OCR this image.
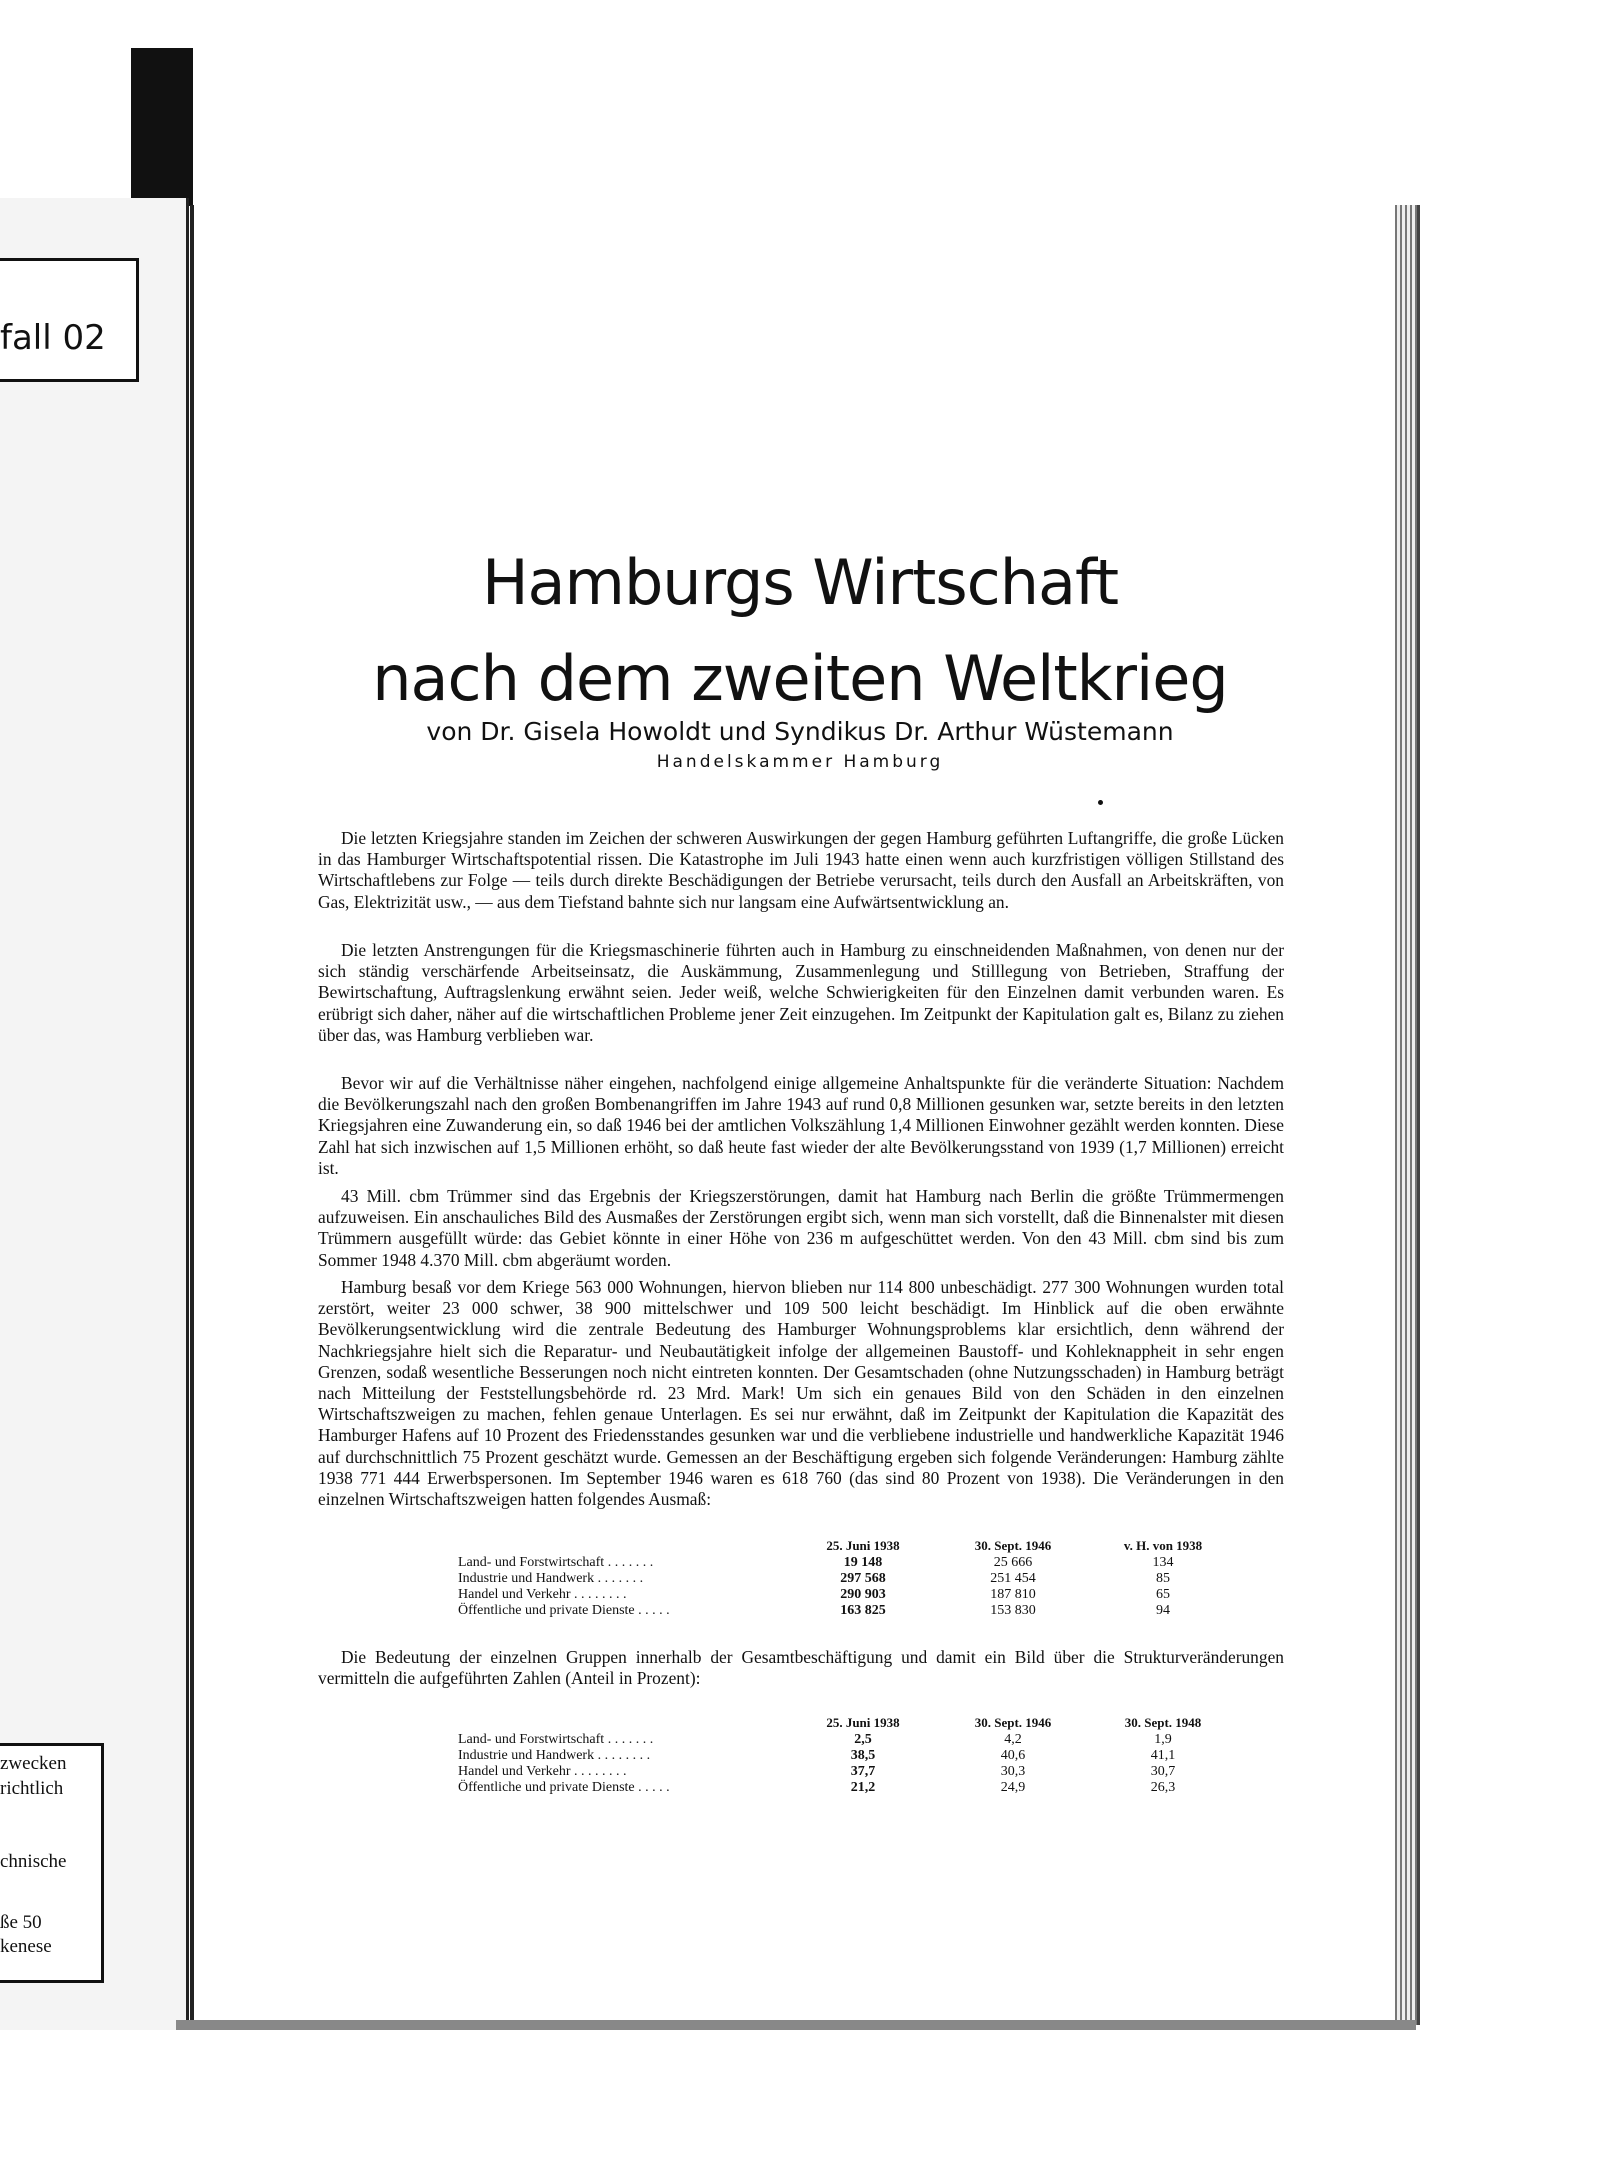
fall 02
zwecken
richtlich
chnische
ße 50
kenese
Hamburgs Wirtschaft
nach dem zweiten Weltkrieg
von Dr. Gisela Howoldt und Syndikus Dr. Arthur Wüstemann
Handelskammer Hamburg
Die letzten Kriegsjahre standen im Zeichen der schweren Auswirkungen der gegen Hamburg geführten Luftangriffe, die große Lücken in das Hamburger Wirtschaftspotential rissen. Die Katastrophe im Juli 1943 hatte einen wenn auch kurzfristigen völligen Stillstand des Wirtschaftlebens zur Folge — teils durch direkte Beschädigungen der Betriebe verursacht, teils durch den Ausfall an Arbeitskräften, von Gas, Elektrizität usw., — aus dem Tiefstand bahnte sich nur langsam eine Aufwärtsentwicklung an.
Die letzten Anstrengungen für die Kriegsmaschinerie führten auch in Hamburg zu einschneidenden Maßnahmen, von denen nur der sich ständig verschärfende Arbeitseinsatz, die Auskämmung, Zusammenlegung und Stilllegung von Betrieben, Straffung der Bewirtschaftung, Auftragslenkung erwähnt seien. Jeder weiß, welche Schwierigkeiten für den Einzelnen damit verbunden waren. Es erübrigt sich daher, näher auf die wirtschaftlichen Probleme jener Zeit einzugehen. Im Zeitpunkt der Kapitulation galt es, Bilanz zu ziehen über das, was Hamburg verblieben war.
Bevor wir auf die Verhältnisse näher eingehen, nachfolgend einige allgemeine Anhaltspunkte für die veränderte Situation: Nachdem die Bevölkerungszahl nach den großen Bombenangriffen im Jahre 1943 auf rund 0,8 Millionen gesunken war, setzte bereits in den letzten Kriegsjahren eine Zuwanderung ein, so daß 1946 bei der amtlichen Volkszählung 1,4 Millionen Einwohner gezählt werden konnten. Diese Zahl hat sich inzwischen auf 1,5 Millionen erhöht, so daß heute fast wieder der alte Bevölkerungsstand von 1939 (1,7 Millionen) erreicht ist.
43 Mill. cbm Trümmer sind das Ergebnis der Kriegszerstörungen, damit hat Hamburg nach Berlin die größte Trümmermengen aufzuweisen. Ein anschauliches Bild des Ausmaßes der Zerstörungen ergibt sich, wenn man sich vorstellt, daß die Binnenalster mit diesen Trümmern ausgefüllt würde: das Gebiet könnte in einer Höhe von 236 m aufgeschüttet werden. Von den 43 Mill. cbm sind bis zum Sommer 1948 4.370 Mill. cbm abgeräumt worden.
Hamburg besaß vor dem Kriege 563 000 Wohnungen, hiervon blieben nur 114 800 unbeschädigt. 277 300 Wohnungen wurden total zerstört, weiter 23 000 schwer, 38 900 mittelschwer und 109 500 leicht beschädigt. Im Hinblick auf die oben erwähnte Bevölkerungsentwicklung wird die zentrale Bedeutung des Hamburger Wohnungsproblems klar ersichtlich, denn während der Nachkriegsjahre hielt sich die Reparatur- und Neubautätigkeit infolge der allgemeinen Baustoff- und Kohleknappheit in sehr engen Grenzen, sodaß wesentliche Besserungen noch nicht eintreten konnten. Der Gesamtschaden (ohne Nutzungsschaden) in Hamburg beträgt nach Mitteilung der Feststellungsbehörde rd. 23 Mrd. Mark! Um sich ein genaues Bild von den Schäden in den einzelnen Wirtschaftszweigen zu machen, fehlen genaue Unterlagen. Es sei nur erwähnt, daß im Zeitpunkt der Kapitulation die Kapazität des Hamburger Hafens auf 10 Prozent des Friedensstandes gesunken war und die verbliebene industrielle und handwerkliche Kapazität 1946 auf durchschnittlich 75 Prozent geschätzt wurde. Gemessen an der Beschäftigung ergeben sich folgende Veränderungen: Hamburg zählte 1938 771 444 Erwerbspersonen. Im September 1946 waren es 618 760 (das sind 80 Prozent von 1938). Die Veränderungen in den einzelnen Wirtschaftszweigen hatten folgendes Ausmaß:
	25. Juni 1938	30. Sept. 1946	v. H. von 1938
Land- und Forstwirtschaft . . . . . . .	19 148	25 666	134
Industrie und Handwerk . . . . . . .	297 568	251 454	85
Handel und Verkehr . . . . . . . .	290 903	187 810	65
Öffentliche und private Dienste . . . . .	163 825	153 830	94
Die Bedeutung der einzelnen Gruppen innerhalb der Gesamtbeschäftigung und damit ein Bild über die Strukturveränderungen vermitteln die aufgeführten Zahlen (Anteil in Prozent):
	25. Juni 1938	30. Sept. 1946	30. Sept. 1948
Land- und Forstwirtschaft . . . . . . .	2,5	4,2	1,9
Industrie und Handwerk . . . . . . . .	38,5	40,6	41,1
Handel und Verkehr . . . . . . . .	37,7	30,3	30,7
Öffentliche und private Dienste . . . . .	21,2	24,9	26,3
